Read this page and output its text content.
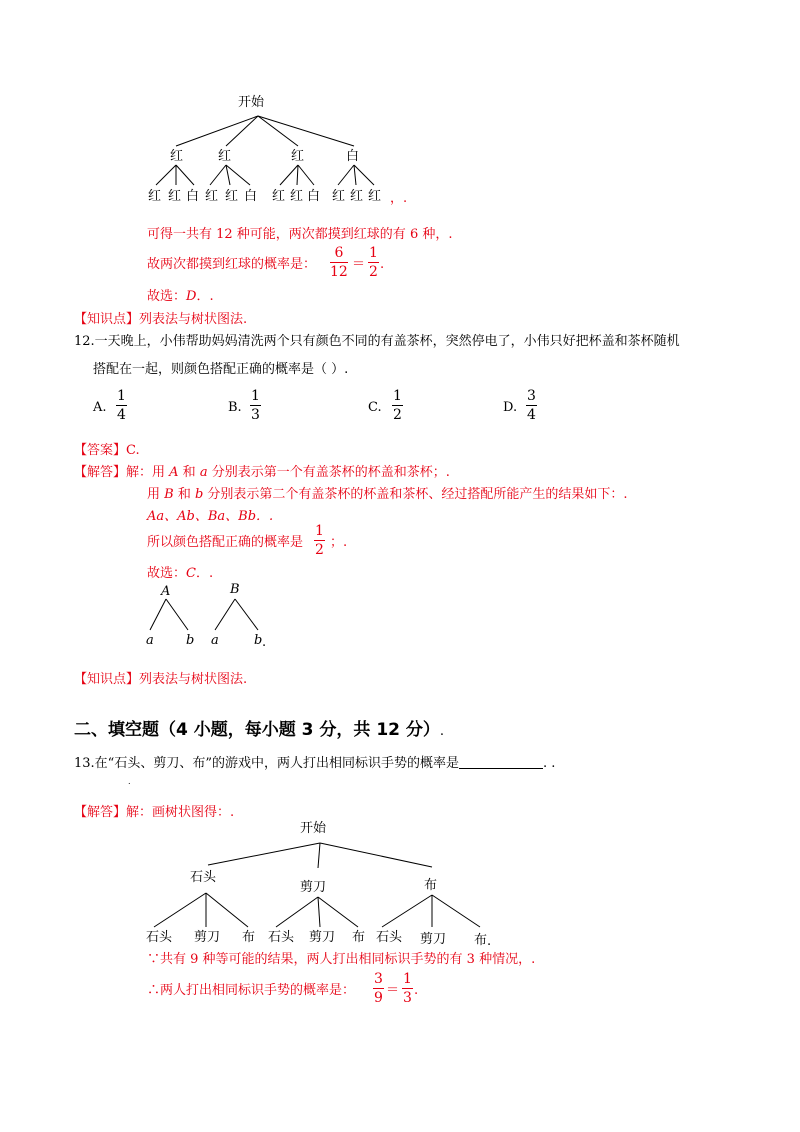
开始
红	红	红	白
红 红 白 红 红 白 红 红 白 红 红 红 ，.
可得一共有 12 种可能，两次都摸到红球的有 6 种，.
故两次都摸到红球的概率是：
6
12 ＝
1
2 .
故选：D．.
【知识点】列表法与树状图法.
12.一天晚上，小伟帮助妈妈清洗两个只有颜色不同的有盖茶杯，突然停电了，小伟只好把杯盖和茶杯随机
搭配在一起，则颜色搭配正确的概率是（ ）.
A.
1
4	B.
1
3	C.
1
2	D.
3
4
【答案】C.
【解答】解：用 A 和 a 分别表示第一个有盖茶杯的杯盖和茶杯；.
用 B 和 b 分别表示第二个有盖茶杯的杯盖和茶杯、经过搭配所能产生的结果如下：.
Aa、Ab、Ba、Bb．.
所以颜色搭配正确的概率是
1
2 ；.
故选：C．.
A
a b
B
a	b .
【知识点】列表法与树状图法.
二、填空题（4 小题，每小题 3 分，共 12 分）.
13.在“石头、剪刀、布”的游戏中，两人打出相同标识手势的概率是	. .
.
【解答】解：画树状图得：.
开始
石头
剪刀	布
石头 剪刀 布 石头 剪刀 布 石头 剪刀 布 .
∵共有 9 种等可能的结果，两人打出相同标识手势的有 3 种情况，.
∴两人打出相同标识手势的概率是：
3
9 ＝
1
3 .
